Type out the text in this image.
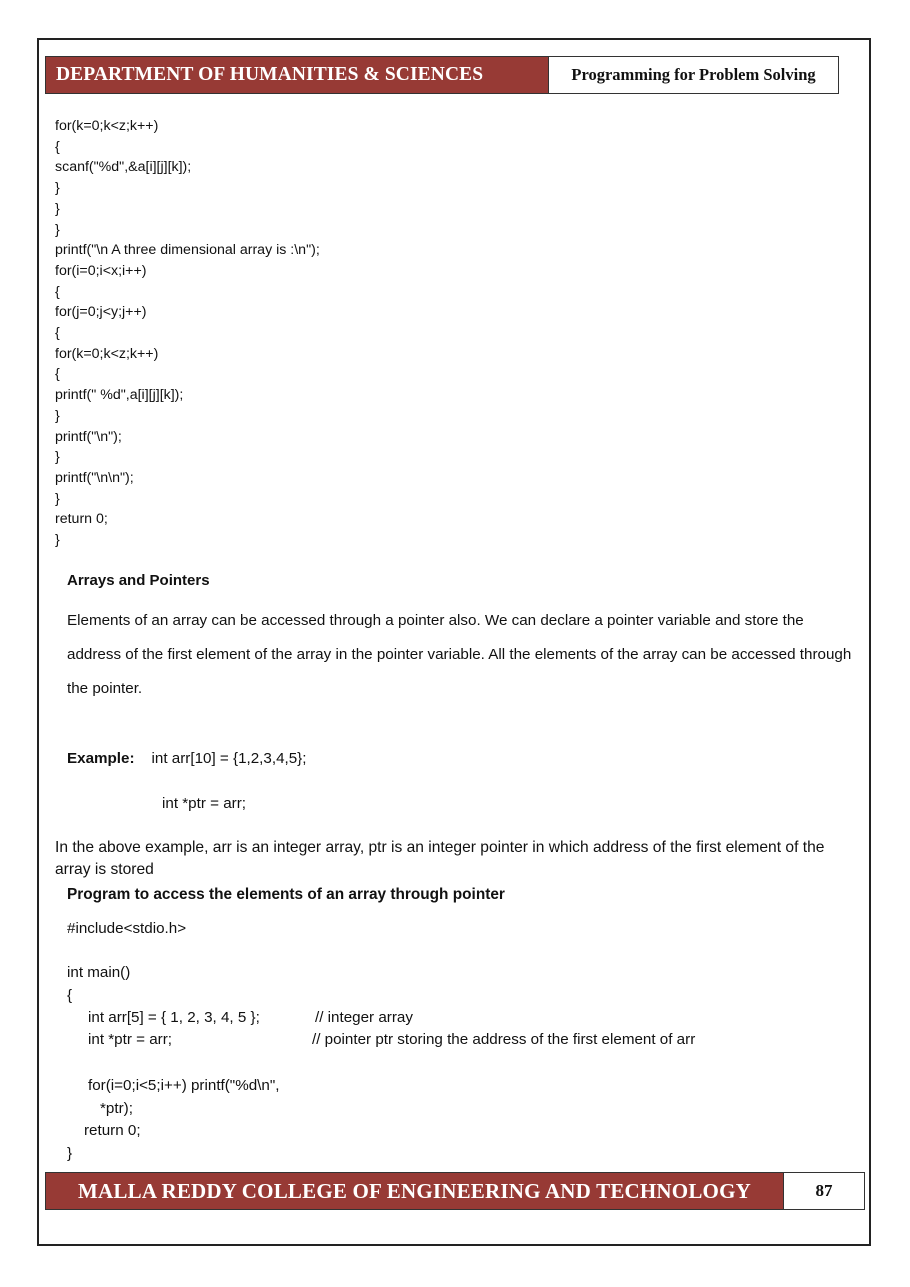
DEPARTMENT OF HUMANITIES & SCIENCES	Programming for Problem Solving
for(k=0;k<z;k++)
{
scanf("%d",&a[i][j][k]);
}
}
}
printf("\n A three dimensional array is :\n");
for(i=0;i<x;i++)
{
for(j=0;j<y;j++)
{
for(k=0;k<z;k++)
{
printf(" %d",a[i][j][k]);
}
printf("\n");
}
printf("\n\n");
}
return 0;
}
Arrays and Pointers

Elements of an array can be accessed through a pointer also. We can declare a pointer variable and store the address of the first element of the array in the pointer variable. All the elements of the array can be accessed through the pointer.

Example: int arr[10] = {1,2,3,4,5};
int *ptr = arr;

In the above example, arr is an integer array, ptr is an integer pointer in which address of the first element of the array is stored

Program to access the elements of an array through pointer
#include<stdio.h>
int main()
{
int arr[5] = { 1, 2, 3, 4, 5 };	// integer array
int *ptr = arr;	// pointer ptr storing the address of the first element of arr
for(i=0;i<5;i++) printf("%d\n",
*ptr);
return 0;
}
MALLA REDDY COLLEGE OF ENGINEERING AND TECHNOLOGY	87
